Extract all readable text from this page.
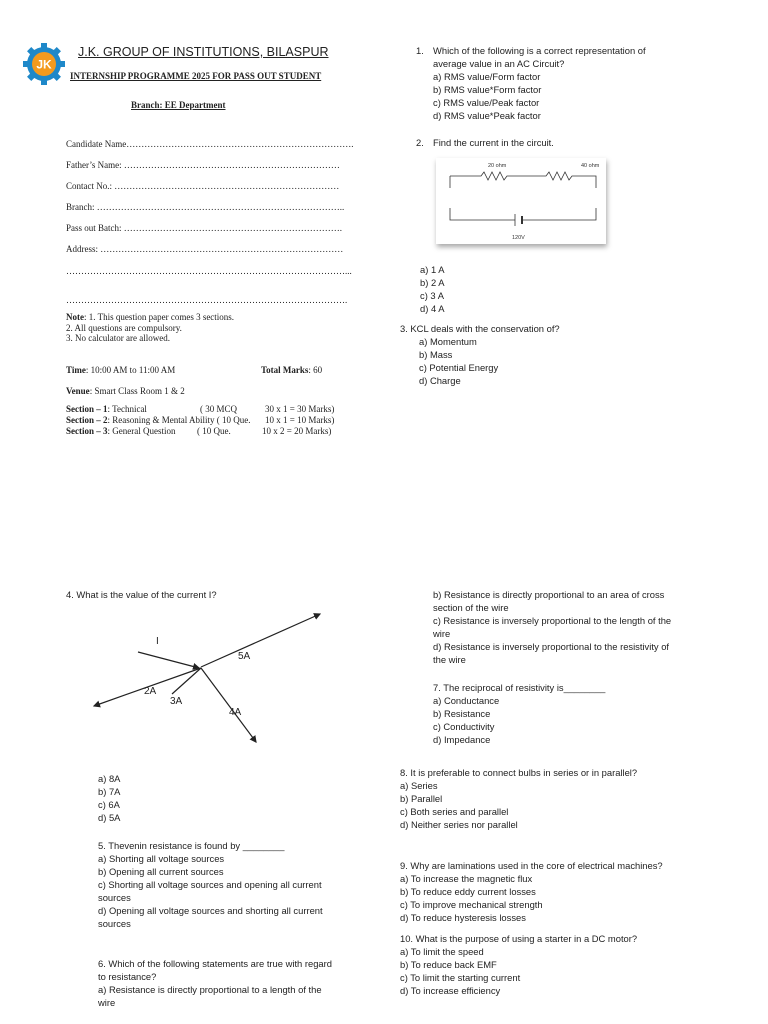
JK
J.K. GROUP OF INSTITUTIONS, BILASPUR
INTERNSHIP PROGRAMME 2025 FOR PASS OUT STUDENT
Branch: EE Department
Candidate Name………………………………………………………………….
Father’s Name: ………………………………………………………………
Contact No.: …………………………………………………………………
Branch: ………………………………………………………………………..
Pass out Batch: ……………………………………………………………….
Address: ………………………………………………………………………
…………………………………………………………………………………...
………………………………………………………………………………….
Note: 1. This question paper comes 3 sections.
2. All questions are compulsory.
3. No calculator are allowed.
Time: 10:00 AM to 11:00 AM	Total Marks: 60
Venue: Smart Class Room 1 & 2
Section – 1: Technical	( 30 MCQ	30 x 1 = 30 Marks)
Section – 2: Reasoning & Mental Ability ( 10 Que. 10 x 1 = 10 Marks)
Section – 3: General Question ( 10 Que.	10 x 2 = 20 Marks)
1. Which of the following is a correct representation of
average value in an AC Circuit?
a) RMS value/Form factor
b) RMS value*Form factor
c) RMS value/Peak factor
d) RMS value*Peak factor
2. Find the current in the circuit.
20 ohm	40 ohm
120V
a) 1 A
b) 2 A
c) 3 A
d) 4 A
3. KCL deals with the conservation of?
a) Momentum
b) Mass
c) Potential Energy
d) Charge
4. What is the value of the current I?
I
5A
2A
3A
4A
a) 8A
b) 7A
c) 6A
d) 5A
5. Thevenin resistance is found by ________
a) Shorting all voltage sources
b) Opening all current sources
c) Shorting all voltage sources and opening all current
sources
d) Opening all voltage sources and shorting all current
sources
6. Which of the following statements are true with regard
to resistance?
a) Resistance is directly proportional to a length of the
wire
b) Resistance is directly proportional to an area of cross
section of the wire
c) Resistance is inversely proportional to the length of the
wire
d) Resistance is inversely proportional to the resistivity of
the wire
7. The reciprocal of resistivity is________
a) Conductance
b) Resistance
c) Conductivity
d) Impedance
8. It is preferable to connect bulbs in series or in parallel?
a) Series
b) Parallel
c) Both series and parallel
d) Neither series nor parallel
9. Why are laminations used in the core of electrical machines?
a) To increase the magnetic flux
b) To reduce eddy current losses
c) To improve mechanical strength
d) To reduce hysteresis losses
10. What is the purpose of using a starter in a DC motor?
a) To limit the speed
b) To reduce back EMF
c) To limit the starting current
d) To increase efficiency
